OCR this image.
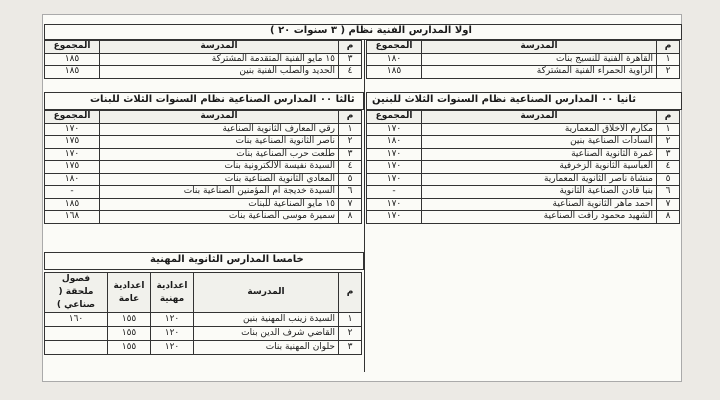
اولا المدارس الفنية نظام ( ٣ سنوات ٢٠ )
م	المدرسة	المجموع
١	القاهرة الفنية للنسيج بنات	١٨٠
٢	الزاوية الحمراء الفنية المشتركة	١٨٥
م	المدرسة	المجموع
٣	١٥ مايو الفنية المتقدمة المشتركة	١٨٥
٤	الحديد والصلب الفنية بنين	١٨٥
ثانيا ٠٠ المدارس الصناعية نظام السنوات الثلاث للبنين
م	المدرسة	المجموع
١	مكارم الأخلاق المعمارية	١٧٠
٢	السادات الصناعية بنين	١٨٠
٣	غمرة الثانوية الصناعية	١٧٠
٤	العباسية الثانوية الزخرفية	١٧٠
٥	منشأة ناصر الثانوية المعمارية	١٧٠
٦	بنبا قادن الصناعية الثانوية	-
٧	احمد ماهر الثانوية الصناعية	١٧٠
٨	الشهيد محمود رأفت الصناعية	١٧٠
ثالثا ٠٠ المدارس الصناعية نظام السنوات الثلاث للبنات
م	المدرسة	المجموع
١	رقي المعارف الثانوية الصناعية	١٧٠
٢	ناصر الثانوية الصناعية بنات	١٧٥
٣	طلعت حرب الصناعية بنات	١٧٠
٤	السيدة نفيسة الالكترونية بنات	١٧٥
٥	المعادي الثانوية الصناعية بنات	١٨٠
٦	السيدة خديجة ام المؤمنين الصناعية بنات	-
٧	١٥ مايو الصناعية للبنات	١٨٥
٨	سميرة موسى الصناعية بنات	١٦٨
خامسا المدارس الثانوية المهنية
م	المدرسة	اعدادية مهنية	اعدادية عامة	فصول ملحقة ( صناعي )
١	السيدة زينب المهنية بنين	١٢٠	١٥٥	١٦٠
٢	القاضي شرف الدين بنات	١٢٠	١٥٥	
٣	حلوان المهنية بنات	١٢٠	١٥٥	
